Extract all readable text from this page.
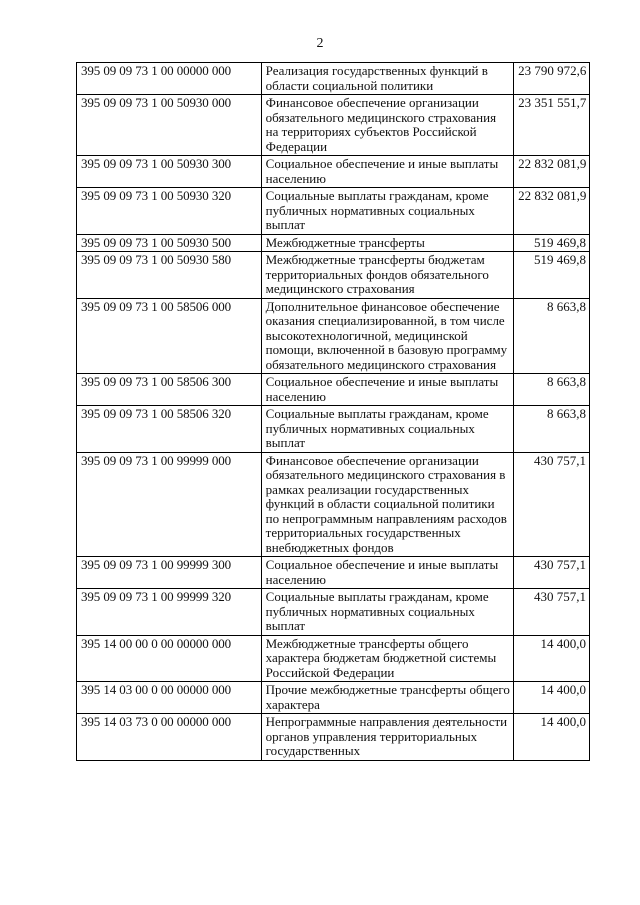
2
395 09 09 73 1 00 00000 000	Реализация государственных функций в области социальной политики	23 790 972,6
395 09 09 73 1 00 50930 000	Финансовое обеспечение организации обязательного медицинского страхования на территориях субъектов Российской Федерации	23 351 551,7
395 09 09 73 1 00 50930 300	Социальное обеспечение и иные выплаты населению	22 832 081,9
395 09 09 73 1 00 50930 320	Социальные выплаты гражданам, кроме публичных нормативных социальных выплат	22 832 081,9
395 09 09 73 1 00 50930 500	Межбюджетные трансферты	519 469,8
395 09 09 73 1 00 50930 580	Межбюджетные трансферты бюджетам территориальных фондов обязательного медицинского страхования	519 469,8
395 09 09 73 1 00 58506 000	Дополнительное финансовое обеспечение оказания специализированной, в том числе высокотехнологичной, медицинской помощи, включенной в базовую программу обязательного медицинского страхования	8 663,8
395 09 09 73 1 00 58506 300	Социальное обеспечение и иные выплаты населению	8 663,8
395 09 09 73 1 00 58506 320	Социальные выплаты гражданам, кроме публичных нормативных социальных выплат	8 663,8
395 09 09 73 1 00 99999 000	Финансовое обеспечение организации обязательного медицинского страхования в рамках реализации государственных функций в области социальной политики по непрограммным направлениям расходов территориальных государственных внебюджетных фондов	430 757,1
395 09 09 73 1 00 99999 300	Социальное обеспечение и иные выплаты населению	430 757,1
395 09 09 73 1 00 99999 320	Социальные выплаты гражданам, кроме публичных нормативных социальных выплат	430 757,1
395 14 00 00 0 00 00000 000	Межбюджетные трансферты общего характера бюджетам бюджетной системы Российской Федерации	14 400,0
395 14 03 00 0 00 00000 000	Прочие межбюджетные трансферты общего характера	14 400,0
395 14 03 73 0 00 00000 000	Непрограммные направления деятельности органов управления территориальных государственных	14 400,0
